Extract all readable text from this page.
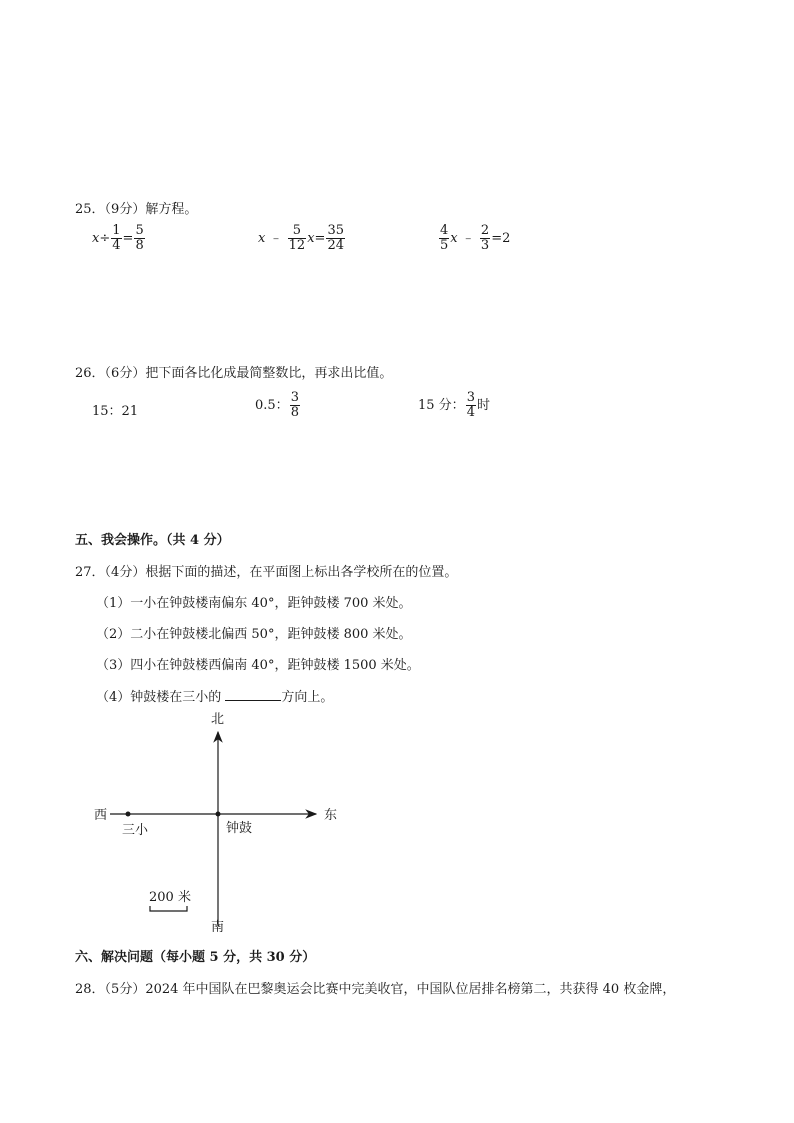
25．（9分）解方程。
$x\div \frac{1}{4} = \frac{5}{8}$	x ﹣ $\frac{5}{12} x= \frac{35}{24}$	$\frac{4}{5}$ x ﹣ $\frac{2}{3} =2$
26．（6分）把下面各比化成最简整数比，再求出比值。
15：21	0.5： $\frac{3}{8}$	15 分： $\frac{3}{4}$ 时
五、我会操作。（共 4 分）
27．（4分）根据下面的描述，在平面图上标出各学校所在的位置。
（1）一小在钟鼓楼南偏东 40°，距钟鼓楼 700 米处。
（2）二小在钟鼓楼北偏西 50°，距钟鼓楼 800 米处。
（3）四小在钟鼓楼西偏南 40°，距钟鼓楼 1500 米处。
（4）钟鼓楼在三小的	方向上。
北
南
东
西
三小	钟鼓
200 米
六、解决问题（每小题 5 分，共 30 分）
28．（5分）2024 年中国队在巴黎奥运会比赛中完美收官，中国队位居排名榜第二，共获得 40 枚金牌，
